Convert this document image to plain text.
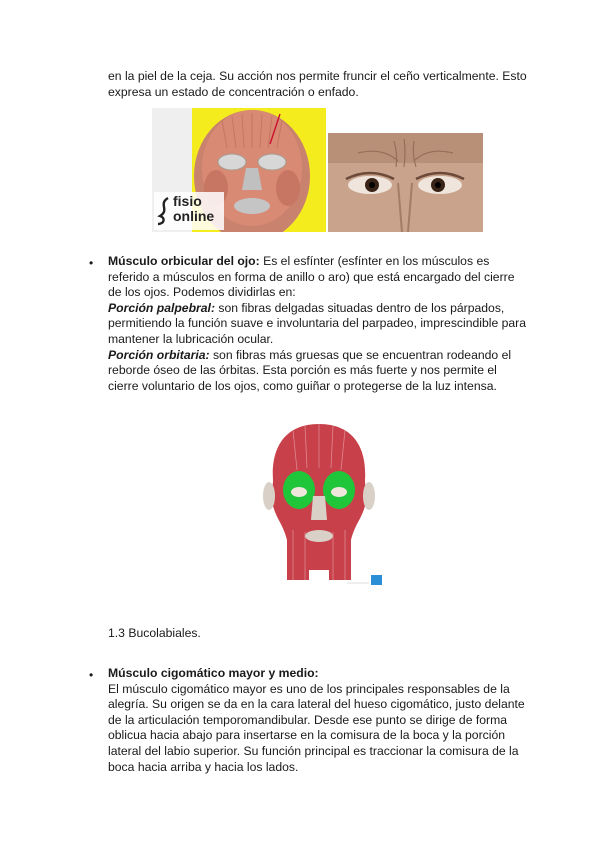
en la piel de la ceja. Su acción nos permite fruncir el ceño verticalmente. Esto
expresa un estado de concentración o enfado.
fisio
online
• Músculo orbicular del ojo: Es el esfínter (esfínter en los músculos es
referido a músculos en forma de anillo o aro) que está encargado del cierre
de los ojos. Podemos dividirlas en:
Porción palpebral: son fibras delgadas situadas dentro de los párpados,
permitiendo la función suave e involuntaria del parpadeo, imprescindible para
mantener la lubricación ocular.
Porción orbitaria: son fibras más gruesas que se encuentran rodeando el
reborde óseo de las órbitas. Esta porción es más fuerte y nos permite el
cierre voluntario de los ojos, como guiñar o protegerse de la luz intensa.
1.3 Bucolabiales.
• Músculo cigomático mayor y medio:
El músculo cigomático mayor es uno de los principales responsables de la
alegría. Su origen se da en la cara lateral del hueso cigomático, justo delante
de la articulación temporomandibular. Desde ese punto se dirige de forma
oblicua hacia abajo para insertarse en la comisura de la boca y la porción
lateral del labio superior. Su función principal es traccionar la comisura de la
boca hacia arriba y hacia los lados.
